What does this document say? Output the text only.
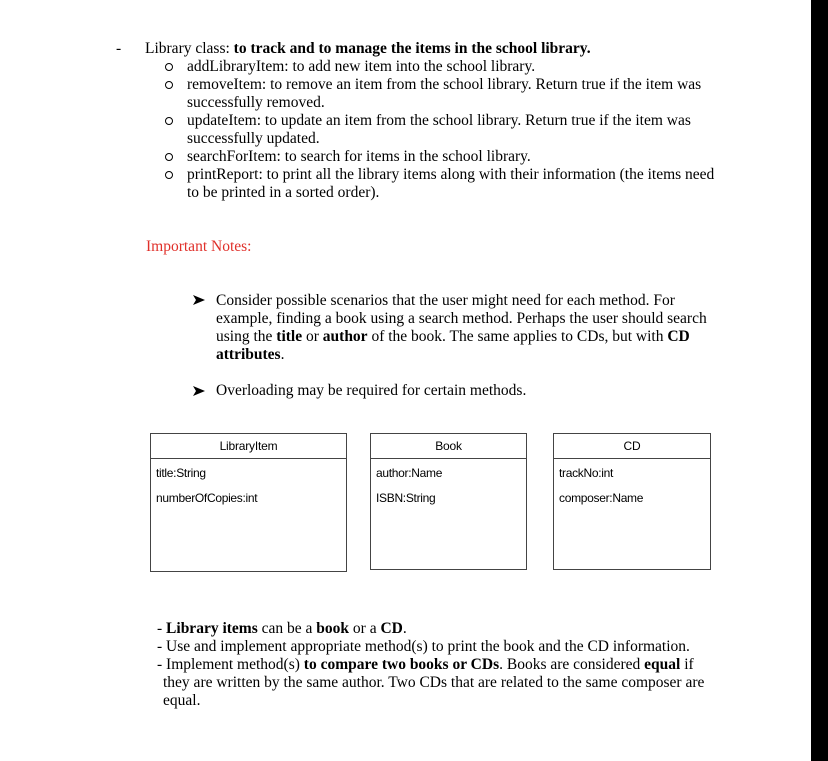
- Library class: to track and to manage the items in the school library.
addLibraryItem: to add new item into the school library.
removeItem: to remove an item from the school library. Return true if the item was
successfully removed.
updateItem: to update an item from the school library. Return true if the item was
successfully updated.
searchForItem: to search for items in the school library.
printReport: to print all the library items along with their information (the items need
to be printed in a sorted order).
Important Notes:
Consider possible scenarios that the user might need for each method. For
example, finding a book using a search method. Perhaps the user should search
using the title or author of the book. The same applies to CDs, but with CD
attributes.
Overloading may be required for certain methods.
LibraryItem
title:String
numberOfCopies:int
Book
author:Name
ISBN:String
CD
trackNo:int
composer:Name
- Library items can be a book or a CD.
- Use and implement appropriate method(s) to print the book and the CD information.
- Implement method(s) to compare two books or CDs. Books are considered equal if
they are written by the same author. Two CDs that are related to the same composer are
equal.
